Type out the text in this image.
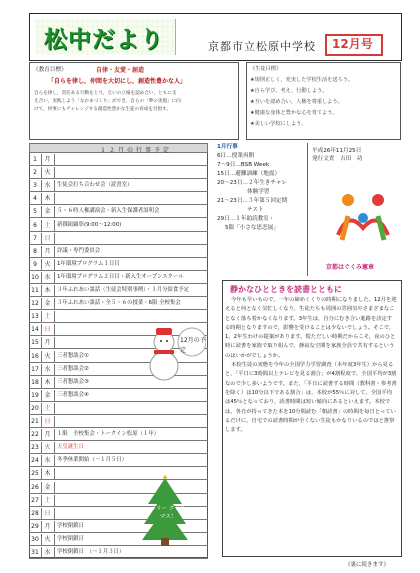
松中だより	京都市立松原中学校 12月号
《教育目標》	自律・友愛・創造
「自らを律し，仲間を大切にし，創造性豊かな人」
自らを律し，責任ある行動をとり，互いの立場を認め合い，ともに支
え合い，実践しよう「なかまづくり」ができ，自らの「夢の実現」に向
けて，何事にもチャレンジする創造性豊かな生徒の育成を目指す。
《生徒目標》
★規則正しく，充実した学校生活を送ろう。
★自ら学び，考え，行動しよう。
★互いを認め合い，人権を尊重しよう。
★健康な身体と豊かな心を育てよう。
★美しい学校にしよう。
１２月の行事予定
1	月
2	火
3	水	生徒会打ち合わせ会（読書室）
4	木
5	金	５・６時人権講演会・新入生保護者説明会
6	土	新撰組顕彰(9:00〜12:00)
7	日
8	月	評議・専門委員会
9	火	1年環境プログラム１日目
10 水	1年環境プログラム２日目・新入生オープンスクール
11 木	３年ふれあい談話（生徒会特別事例）・１月分給食予定
12 金	３年ふれあい談話・全５・６の授業・6限 全校集会
13 土
14 日
15 月
16 火	三者懇談会①
17 水	三者懇談会②
18 木	三者懇談会③
19 金	三者懇談会④
20 土
21 日
22 月	１限　全校集会・トークイン松原（１年）
23 火	天皇誕生日
24 水	冬季休業開始（〜１月５日）
25 木
26 金
27 土
28 日
29 月	学校閉鎖日
30 火	学校閉鎖日
31 水	学校閉鎖日　（〜１月３日）
12月の予定
メリー クリスマス！
1月行事
6日…授業再開
7〜9日…BSB Week
15日…避難訓練（地震）
20〜23日…２年生きチャレ
体験学習
21〜23日…３年第５回定期
テスト
29日…１年助読教室・
5限「小さな思恋展」
平成26年11月25日
発行文責　吉田　功
京都はぐくみ憲章
静かなひとときを読書とともに
今年も早いもので，一年の締めくくりの時期になりました。12月を迎えると何となく気忙しくなり，生徒たちも周囲の雰囲気やさまざまなことなく落ち着かなくなります。3年生は，自分にむき合い進路を決定する時期となりますので，影響を受けることは少ないでしょう。そこで，1，2年生わけの提案があります。慌ただしい時期だからこそ，夜のひと時に読書を家族で取り組んで，静寂な空間を家族全員で共有するというのはいかがでしょうか。
本校生徒の実態を今年の全国学力学習調査（本年度3年生）から見ると，「平日に3時間以上テレビを見る割合」が4割程度で，全国平均が3割なので少し多いようです。また，「平日に読書する時間（教科書・参考書を除く）は10分以下である割合」は，本校が55％に対して，全国平均は45％となっており，読書時間は短い傾向にあるといえます。本校では，各自が持ってきた本を10分間読む「朝読書」の時間を毎日とっているだけに，自宅での読書時間が全くない生徒もかなりいるのではと推察します。
《裏に続きます》
